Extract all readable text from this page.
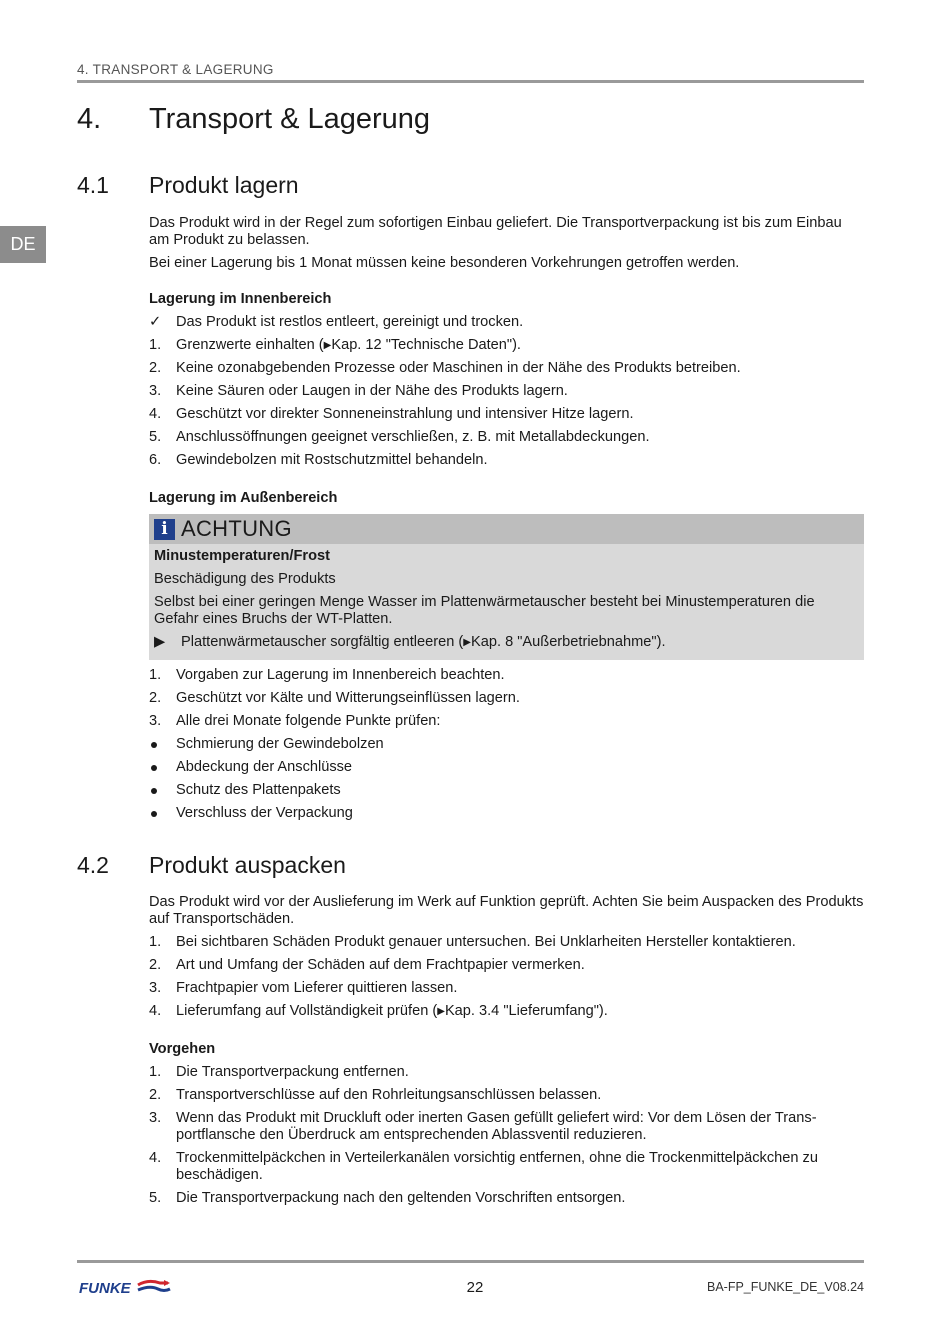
4. TRANSPORT & LAGERUNG
DE
4. Transport & Lagerung
4.1 Produkt lagern

Das Produkt wird in der Regel zum sofortigen Einbau geliefert. Die Transportverpackung ist bis zum Einbau am Produkt zu belassen.

Bei einer Lagerung bis 1 Monat müssen keine besonderen Vorkehrungen getroffen werden.

Lagerung im Innenbereich

✓ Das Produkt ist restlos entleert, gereinigt und trocken.
1. Grenzwerte einhalten (▶Kap. 12 "Technische Daten").
2. Keine ozonabgebenden Prozesse oder Maschinen in der Nähe des Produkts betreiben.
3. Keine Säuren oder Laugen in der Nähe des Produkts lagern.
4. Geschützt vor direkter Sonneneinstrahlung und intensiver Hitze lagern.
5. Anschlussöffnungen geeignet verschließen, z. B. mit Metallabdeckungen.
6. Gewindebolzen mit Rostschutzmittel behandeln.

Lagerung im Außenbereich

i ACHTUNG

Minustemperaturen/Frost

Beschädigung des Produkts

Selbst bei einer geringen Menge Wasser im Plattenwärmetauscher besteht bei Minustemperaturen die Gefahr eines Bruchs der WT-Platten.

▶ Plattenwärmetauscher sorgfältig entleeren (▶Kap. 8 "Außerbetriebnahme").

1. Vorgaben zur Lagerung im Innenbereich beachten.
2. Geschützt vor Kälte und Witterungseinflüssen lagern.
3. Alle drei Monate folgende Punkte prüfen:
Schmierung der Gewindebolzen
Abdeckung der Anschlüsse
Schutz des Plattenpakets
Verschluss der Verpackung
4.2 Produkt auspacken

Das Produkt wird vor der Auslieferung im Werk auf Funktion geprüft. Achten Sie beim Auspacken des Produkts auf Transportschäden.

1. Bei sichtbaren Schäden Produkt genauer untersuchen. Bei Unklarheiten Hersteller kontaktieren.
2. Art und Umfang der Schäden auf dem Frachtpapier vermerken.
3. Frachtpapier vom Lieferer quittieren lassen.
4. Lieferumfang auf Vollständigkeit prüfen (▶Kap. 3.4 "Lieferumfang").

Vorgehen

1. Die Transportverpackung entfernen.
2. Transportverschlüsse auf den Rohrleitungsanschlüssen belassen.
3. Wenn das Produkt mit Druckluft oder inerten Gasen gefüllt geliefert wird: Vor dem Lösen der Transportflansche den Überdruck am entsprechenden Ablassventil reduzieren.
4. Trockenmittelpäckchen in Verteilerkanälen vorsichtig entfernen, ohne die Trockenmittelpäckchen zu beschädigen.
5. Die Transportverpackung nach den geltenden Vorschriften entsorgen.
FUNKE	22	BA-FP_FUNKE_DE_V08.24
